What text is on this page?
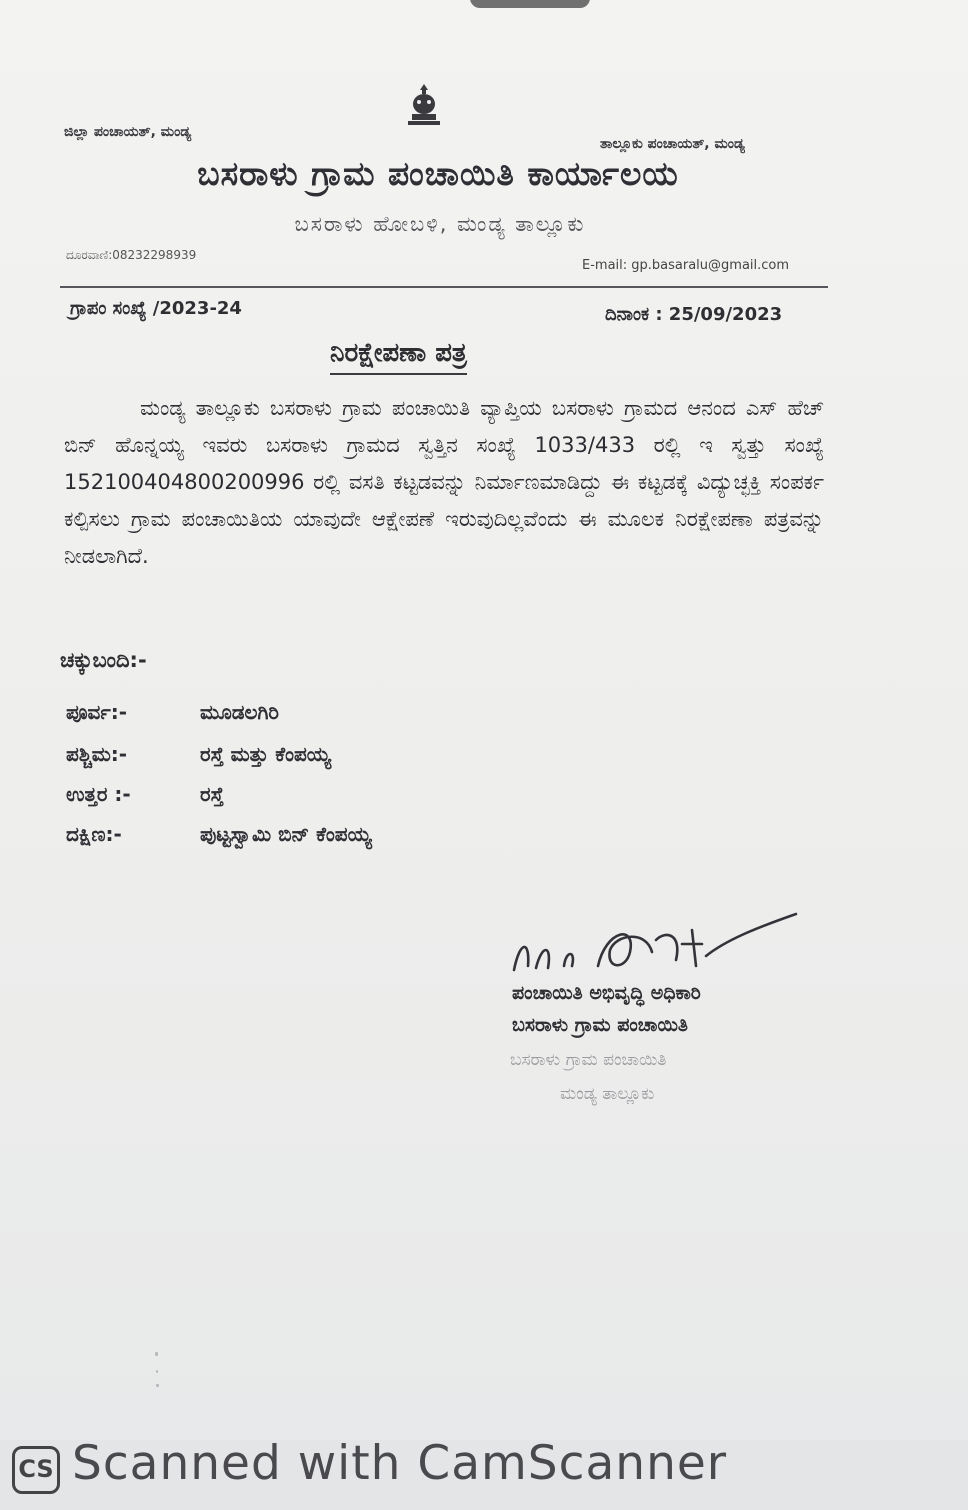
ಜಿಲ್ಲಾ ಪಂಚಾಯತ್, ಮಂಡ್ಯ
ತಾಲ್ಲೂಕು ಪಂಚಾಯತ್, ಮಂಡ್ಯ
ಬಸರಾಳು ಗ್ರಾಮ ಪಂಚಾಯಿತಿ ಕಾರ್ಯಾಲಯ
ಬಸರಾಳು ಹೋಬಳಿ, ಮಂಡ್ಯ ತಾಲ್ಲೂಕು
ದೂರವಾಣಿ:08232298939
E-mail: gp.basaralu@gmail.com
ಗ್ರಾಪಂ ಸಂಖ್ಯೆ /2023-24	ದಿನಾಂಕ : 25/09/2023
ನಿರಕ್ಷೇಪಣಾ ಪತ್ರ
ಮಂಡ್ಯ ತಾಲ್ಲೂಕು ಬಸರಾಳು ಗ್ರಾಮ ಪಂಚಾಯಿತಿ ವ್ಯಾಪ್ತಿಯ ಬಸರಾಳು ಗ್ರಾಮದ ಆನಂದ ಎಸ್ ಹೆಚ್ ಬಿನ್ ಹೊನ್ನಯ್ಯ ಇವರು ಬಸರಾಳು ಗ್ರಾಮದ ಸ್ವತ್ತಿನ ಸಂಖ್ಯೆ 1033/433 ರಲ್ಲಿ ಇ ಸ್ವತ್ತು ಸಂಖ್ಯೆ 152100404800200996 ರಲ್ಲಿ ವಸತಿ ಕಟ್ಟಡವನ್ನು ನಿರ್ಮಾಣಮಾಡಿದ್ದು ಈ ಕಟ್ಟಡಕ್ಕೆ ವಿದ್ಯುಚ್ಛಕ್ತಿ ಸಂಪರ್ಕ ಕಲ್ಪಿಸಲು ಗ್ರಾಮ ಪಂಚಾಯಿತಿಯ ಯಾವುದೇ ಆಕ್ಷೇಪಣೆ ಇರುವುದಿಲ್ಲವೆಂದು ಈ ಮೂಲಕ ನಿರಕ್ಷೇಪಣಾ ಪತ್ರವನ್ನು ನೀಡಲಾಗಿದೆ.
ಚಕ್ಕುಬಂದಿ:-
ಪೂರ್ವ:-	ಮೂಡಲಗಿರಿ
ಪಶ್ಚಿಮ:-	ರಸ್ತೆ ಮತ್ತು ಕೆಂಪಯ್ಯ
ಉತ್ತರ :-	ರಸ್ತೆ
ದಕ್ಷಿಣ:-	ಪುಟ್ಟಸ್ವಾಮಿ ಬಿನ್ ಕೆಂಪಯ್ಯ
ಪಂಚಾಯಿತಿ ಅಭಿವೃದ್ಧಿ ಅಧಿಕಾರಿ
ಬಸರಾಳು ಗ್ರಾಮ ಪಂಚಾಯಿತಿ
ಬಸರಾಳು ಗ್ರಾಮ ಪಂಚಾಯಿತಿ
ಮಂಡ್ಯ ತಾಲ್ಲೂಕು
CS Scanned with CamScanner
